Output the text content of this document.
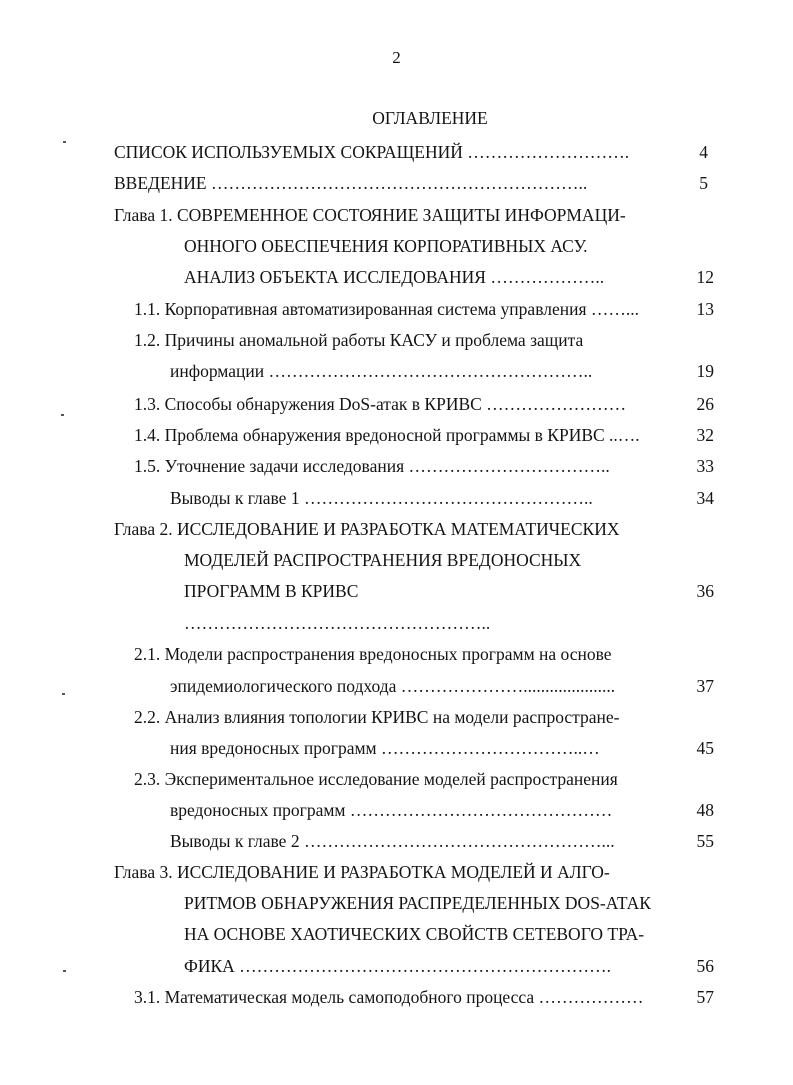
2
ОГЛАВЛЕНИЕ
СПИСОК ИСПОЛЬЗУЕМЫХ СОКРАЩЕНИЙ ……………………….	4
ВВЕДЕНИЕ ………………………………………………………..	5
Глава 1. СОВРЕМЕННОЕ СОСТОЯНИЕ ЗАЩИТЫ ИНФОРМАЦИ-
ОННОГО ОБЕСПЕЧЕНИЯ КОРПОРАТИВНЫХ АСУ.
АНАЛИЗ ОБЪЕКТА ИССЛЕДОВАНИЯ ………………..	12
1.1. Корпоративная автоматизированная система управления ……...	13
1.2. Причины аномальной работы КАСУ и проблема защита
информации ………………………………………………..	19
1.3. Способы обнаружения DoS-атак в КРИВС ……………………	26
1.4. Проблема обнаружения вредоносной программы в КРИВС ..….	32
1.5. Уточнение задачи исследования ……………………………..	33
Выводы к главе 1 …………………………………………..	34
Глава 2. ИССЛЕДОВАНИЕ И РАЗРАБОТКА МАТЕМАТИЧЕСКИХ
МОДЕЛЕЙ РАСПРОСТРАНЕНИЯ ВРЕДОНОСНЫХ
ПРОГРАММ В КРИВС	36
……………………………………………..
2.1. Модели распространения вредоносных программ на основе
эпидемиологического подхода ………………….....................	37
2.2. Анализ влияния топологии КРИВС на модели распростране-
ния вредоносных программ ……………………………..…	45
2.3. Экспериментальное исследование моделей распространения
вредоносных программ ………………………………………	48
Выводы к главе 2 ……………………………………………...	55
Глава 3. ИССЛЕДОВАНИЕ И РАЗРАБОТКА МОДЕЛЕЙ И АЛГО-
РИТМОВ ОБНАРУЖЕНИЯ РАСПРЕДЕЛЕННЫХ DOS-АТАК
НА ОСНОВЕ ХАОТИЧЕСКИХ СВОЙСТВ СЕТЕВОГО ТРА-
ФИКА ……………………………………………………….	56
3.1. Математическая модель самоподобного процесса ………………	57
